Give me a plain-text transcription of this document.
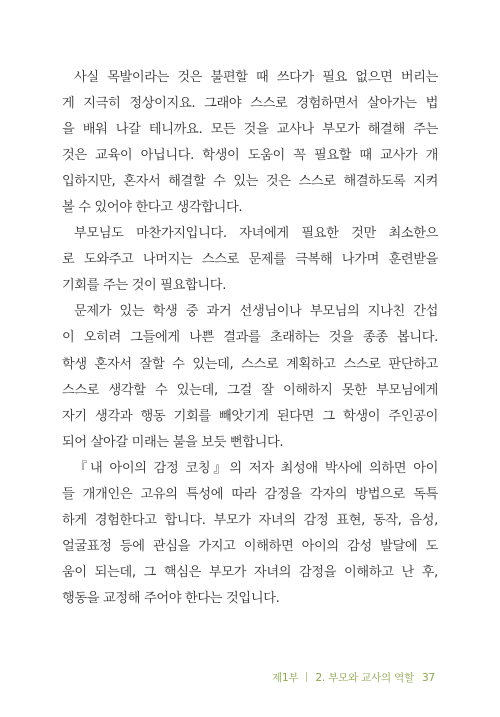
사실 목발이라는 것은 불편할 때 쓰다가 필요 없으면 버리는
게 지극히 정상이지요. 그래야 스스로 경험하면서 살아가는 법
을 배워 나갈 테니까요. 모든 것을 교사나 부모가 해결해 주는
것은 교육이 아닙니다. 학생이 도움이 꼭 필요할 때 교사가 개
입하지만, 혼자서 해결할 수 있는 것은 스스로 해결하도록 지켜
볼 수 있어야 한다고 생각합니다.
부모님도 마찬가지입니다. 자녀에게 필요한 것만 최소한으
로 도와주고 나머지는 스스로 문제를 극복해 나가며 훈련받을
기회를 주는 것이 필요합니다.
문제가 있는 학생 중 과거 선생님이나 부모님의 지나친 간섭
이 오히려 그들에게 나쁜 결과를 초래하는 것을 종종 봅니다.
학생 혼자서 잘할 수 있는데, 스스로 계획하고 스스로 판단하고
스스로 생각할 수 있는데, 그걸 잘 이해하지 못한 부모님에게
자기 생각과 행동 기회를 빼앗기게 된다면 그 학생이 주인공이
되어 살아갈 미래는 불을 보듯 뻔합니다.
『내 아이의 감정 코칭』의 저자 최성애 박사에 의하면 아이
들 개개인은 고유의 특성에 따라 감정을 각자의 방법으로 독특
하게 경험한다고 합니다. 부모가 자녀의 감정 표현, 동작, 음성,
얼굴표정 등에 관심을 가지고 이해하면 아이의 감성 발달에 도
움이 되는데, 그 핵심은 부모가 자녀의 감정을 이해하고 난 후,
행동을 교정해 주어야 한다는 것입니다.
제1부 2. 부모와 교사의 역할 37
